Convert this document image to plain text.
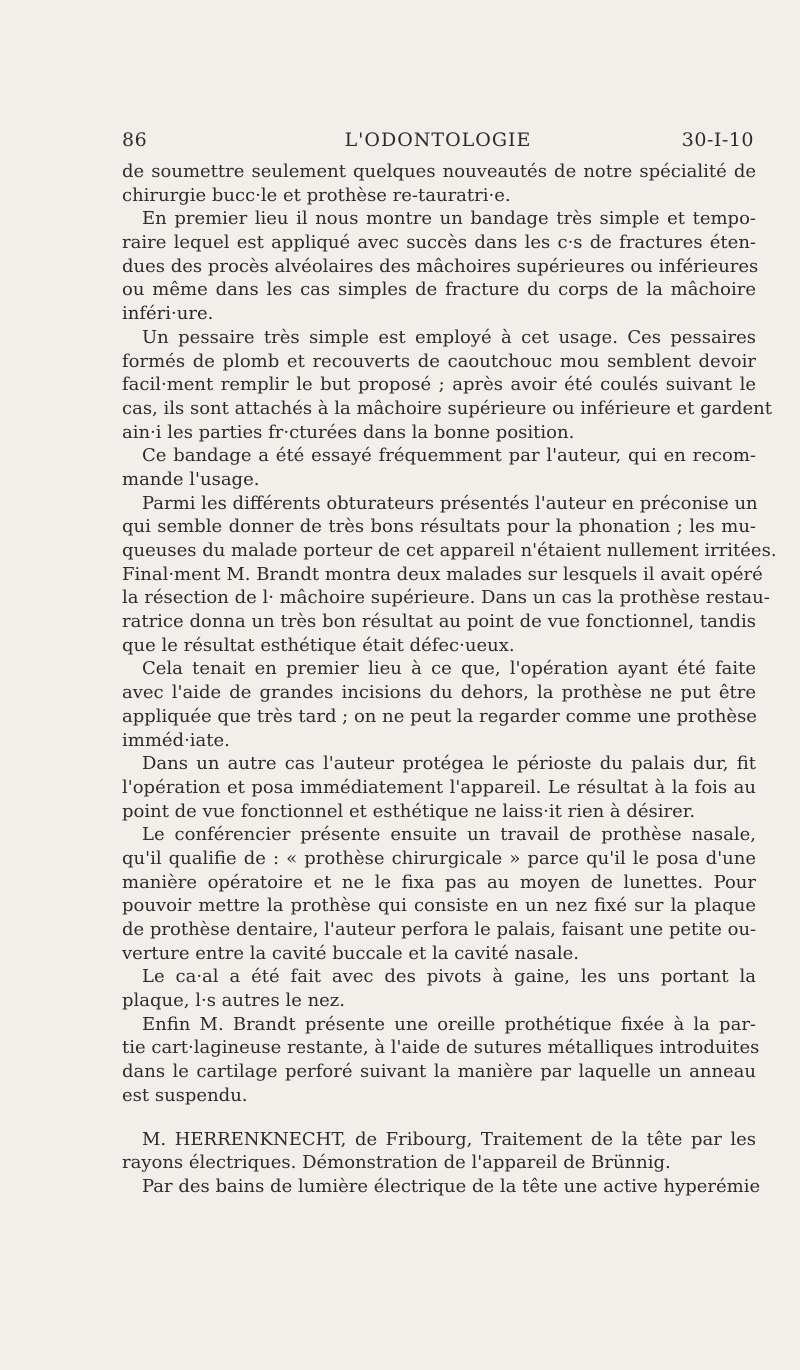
86	L'ODONTOLOGIE	30-I-10
de soumettre seulement quelques nouveautés de notre spécialité de
chirurgie bucc·le et prothèse re-tauratri·e.
En premier lieu il nous montre un bandage très simple et tempo-
raire lequel est appliqué avec succès dans les c·s de fractures éten-
dues des procès alvéolaires des mâchoires supérieures ou inférieures
ou même dans les cas simples de fracture du corps de la mâchoire
inféri·ure.
Un pessaire très simple est employé à cet usage. Ces pessaires
formés de plomb et recouverts de caoutchouc mou semblent devoir
facil·ment remplir le but proposé ; après avoir été coulés suivant le
cas, ils sont attachés à la mâchoire supérieure ou inférieure et gardent
ain·i les parties fr·cturées dans la bonne position.
Ce bandage a été essayé fréquemment par l'auteur, qui en recom-
mande l'usage.
Parmi les différents obturateurs présentés l'auteur en préconise un
qui semble donner de très bons résultats pour la phonation ; les mu-
queuses du malade porteur de cet appareil n'étaient nullement irritées.
Final·ment M. Brandt montra deux malades sur lesquels il avait opéré
la résection de l· mâchoire supérieure. Dans un cas la prothèse restau-
ratrice donna un très bon résultat au point de vue fonctionnel, tandis
que le résultat esthétique était défec·ueux.
Cela tenait en premier lieu à ce que, l'opération ayant été faite
avec l'aide de grandes incisions du dehors, la prothèse ne put être
appliquée que très tard ; on ne peut la regarder comme une prothèse
imméd·iate.
Dans un autre cas l'auteur protégea le périoste du palais dur, fit
l'opération et posa immédiatement l'appareil. Le résultat à la fois au
point de vue fonctionnel et esthétique ne laiss·it rien à désirer.
Le conférencier présente ensuite un travail de prothèse nasale,
qu'il qualifie de : « prothèse chirurgicale » parce qu'il le posa d'une
manière opératoire et ne le fixa pas au moyen de lunettes. Pour
pouvoir mettre la prothèse qui consiste en un nez fixé sur la plaque
de prothèse dentaire, l'auteur perfora le palais, faisant une petite ou-
verture entre la cavité buccale et la cavité nasale.
Le ca·al a été fait avec des pivots à gaine, les uns portant la
plaque, l·s autres le nez.
Enfin M. Brandt présente une oreille prothétique fixée à la par-
tie cart·lagineuse restante, à l'aide de sutures métalliques introduites
dans le cartilage perforé suivant la manière par laquelle un anneau
est suspendu.
M. HERRENKNECHT, de Fribourg, Traitement de la tête par les
rayons électriques. Démonstration de l'appareil de Brünnig.
Par des bains de lumière électrique de la tête une active hyperémie
